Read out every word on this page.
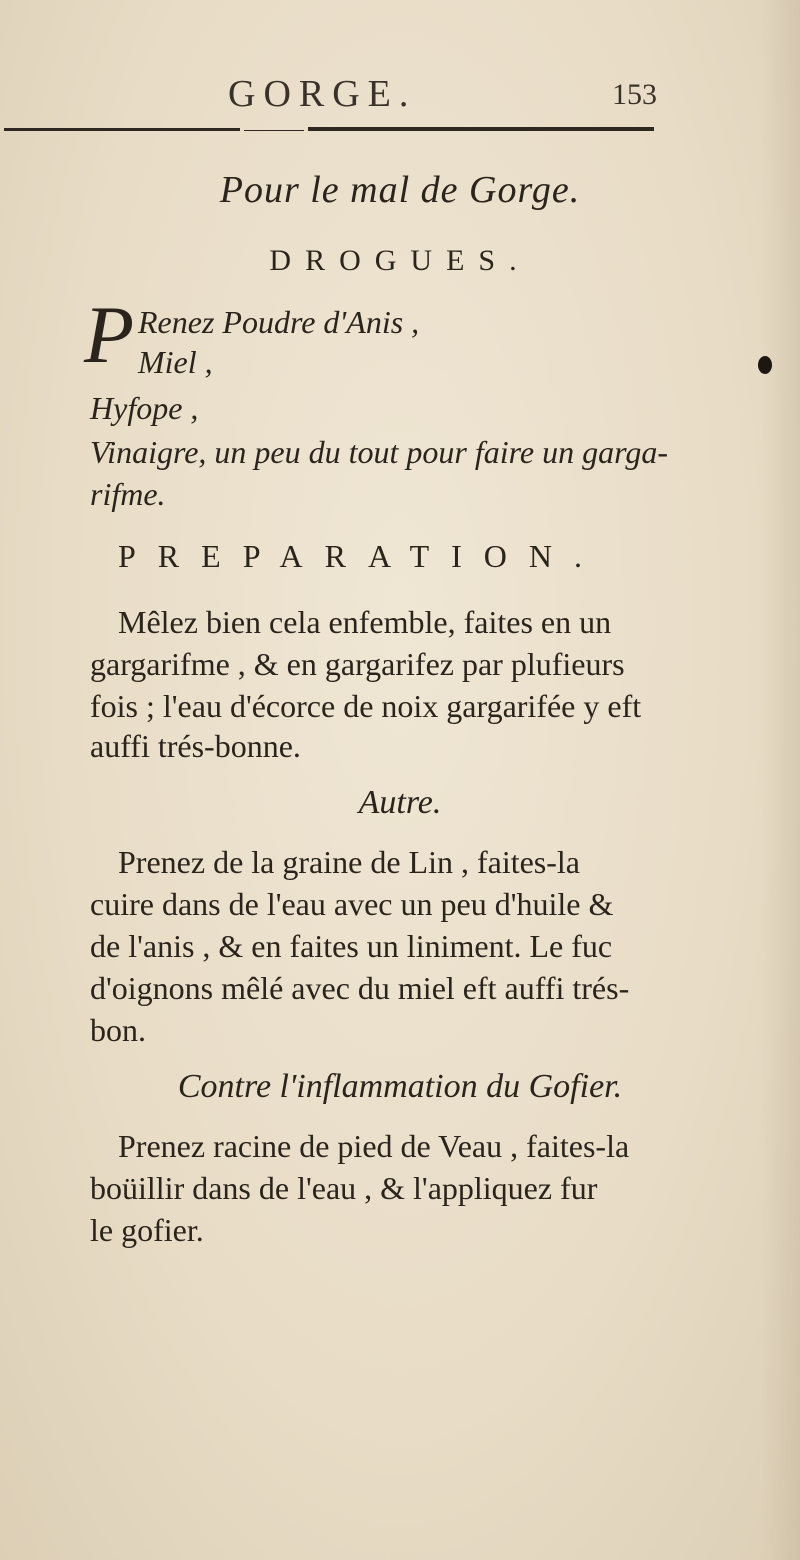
GORGE.	153
Pour le mal de Gorge.
DROGUES.
P Renez Poudre d'Anis ,
Miel ,
Hyfope ,
Vinaigre, un peu du tout pour faire un garga-
rifme.
PREPARATION.
Mêlez bien cela enfemble, faites en un
gargarifme , & en gargarifez par plufieurs
fois ; l'eau d'écorce de noix gargarifée y eft
auffi trés-bonne.
Autre.
Prenez de la graine de Lin , faites-la
cuire dans de l'eau avec un peu d'huile &
de l'anis , & en faites un liniment. Le fuc
d'oignons mêlé avec du miel eft auffi trés-
bon.
Contre l'inflammation du Gofier.
Prenez racine de pied de Veau , faites-la
boüillir dans de l'eau , & l'appliquez fur
le gofier.
